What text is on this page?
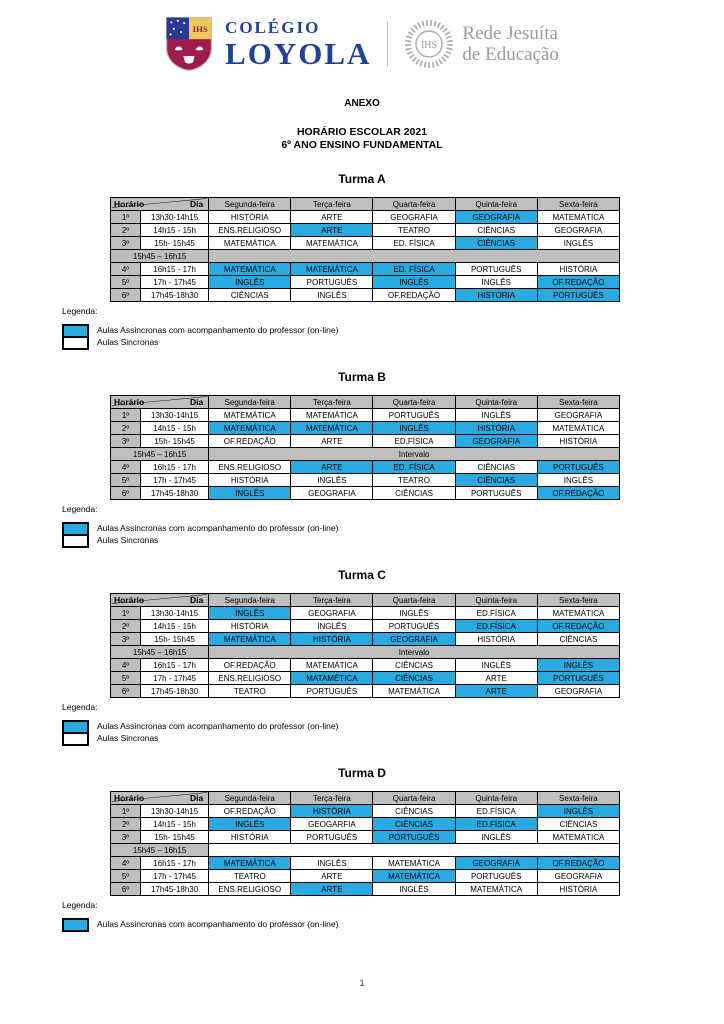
IHS COLÉGIO
LOYOLA	IHS
Rede Jesuíta
de Educação
ANEXO
HORÁRIO ESCOLAR 2021
6º ANO ENSINO FUNDAMENTAL
Turma A
Horário Dia		Segunda-feira	Terça-feira	Quarta-feira	Quinta-feira	Sexta-feira
1º	13h30-14h15	HISTÓRIA	ARTE	GEOGRAFIA	GEOGRAFIA	MATEMÁTICA
2º	14h15 - 15h	ENS.RELIGIOSO	ARTE	TEATRO	CIÊNCIAS	GEOGRAFIA
3º	15h- 15h45	MATEMÁTICA	MATEMÁTICA	ED. FÍSICA	CIÊNCIAS	INGLÊS
15h45 – 16h15						
4º	16h15 - 17h	MATEMÁTICA	MATEMÁTICA	ED. FÍSICA	PORTUGUÊS	HISTÓRIA
5º	17h - 17h45	INGLÊS	PORTUGUÊS	INGLÊS	INGLÊS	OF.REDAÇÃO
6º	17h45-18h30	CIÊNCIAS	INGLÊS	OF.REDAÇÃO	HISTÓRIA	PORTUGUÊS
Legenda:
Aulas Assincronas com acompanhamento do professor (on-line)
Aulas Sincronas
Turma B
Horário Dia		Segunda-feira	Terça-feira	Quarta-feira	Quinta-feira	Sexta-feira
1º	13h30-14h15	MATEMÁTICA	MATEMÁTICA	PORTUGUÊS	INGLÊS	GEOGRAFIA
2º	14h15 - 15h	MATEMÁTICA	MATEMÁTICA	INGLÊS	HISTÓRIA	MATEMÁTICA
3º	15h- 15h45	OF.REDAÇÃO	ARTE	ED.FÍSICA	GEOGRAFIA	HISTÓRIA
15h45 – 16h15		Intervalo				
4º	16h15 - 17h	ENS.RELIGIOSO	ARTE	ED. FÍSICA	CIÊNCIAS	PORTUGUÊS
5º	17h - 17h45	HISTÓRIA	INGLÊS	TEATRO	CIÊNCIAS	INGLÊS
6º	17h45-18h30	INGLÊS	GEOGRAFIA	CIÊNCIAS	PORTUGUÊS	OF.REDAÇÃO
Legenda:
Aulas Assincronas com acompanhamento do professor (on-line)
Aulas Sincronas
Turma C
Horário Dia		Segunda-feira	Terça-feira	Quarta-feira	Quinta-feira	Sexta-feira
1º	13h30-14h15	INGLÊS	GEOGRAFIA	INGLÊS	ED.FÍSICA	MATEMÁTICA
2º	14h15 - 15h	HISTÓRIA	INGLÊS	PORTUGUÊS	ED.FÍSICA	OF.REDAÇÃO
3º	15h- 15h45	MATEMÁTICA	HISTÓRIA	GEOGRAFIA	HISTÓRIA	CIÊNCIAS
15h45 – 16h15		Intervalo				
4º	16h15 - 17h	OF.REDAÇÃO	MATEMÁTICA	CIÊNCIAS	INGLÊS	INGLÊS
5º	17h - 17h45	ENS.RELIGIOSO	MATAMÉTICA	CIÊNCIAS	ARTE	PORTUGUÊS
6º	17h45-18h30	TEATRO	PORTUGUÊS	MATEMÁTICA	ARTE	GEOGRAFIA
Legenda:
Aulas Assincronas com acompanhamento do professor (on-line)
Aulas Sincronas
Turma D
Horário Dia		Segunda-feira	Terça-feira	Quarta-feira	Quinta-feira	Sexta-feira
1º	13h30-14h15	OF.REDAÇÃO	HISTÓRIA	CIÊNCIAS	ED.FÍSICA	INGLÊS
2º	14h15 - 15h	INGLÊS	GEOGARFIA	CIÊNCIAS	ED.FÍSICA	CIÊNCIAS
3º	15h- 15h45	HISTÓRIA	PORTUGUÊS	PORTUGUÊS	INGLÊS	MATEMÁTICA
15h45 – 16h15						
4º	16h15 - 17h	MATEMÁTICA	INGLÊS	MATEMÁTICA	GEOGRAFIA	OF.REDAÇÃO
5º	17h - 17h45	TEATRO	ARTE	MATEMÁTICA	PORTUGUÊS	GEOGRAFIA
6º	17h45-18h30	ENS.RELIGIOSO	ARTE	INGLÊS	MATEMÁTICA	HISTÓRIA
Legenda:
Aulas Assincronas com acompanhamento do professor (on-line)
1
